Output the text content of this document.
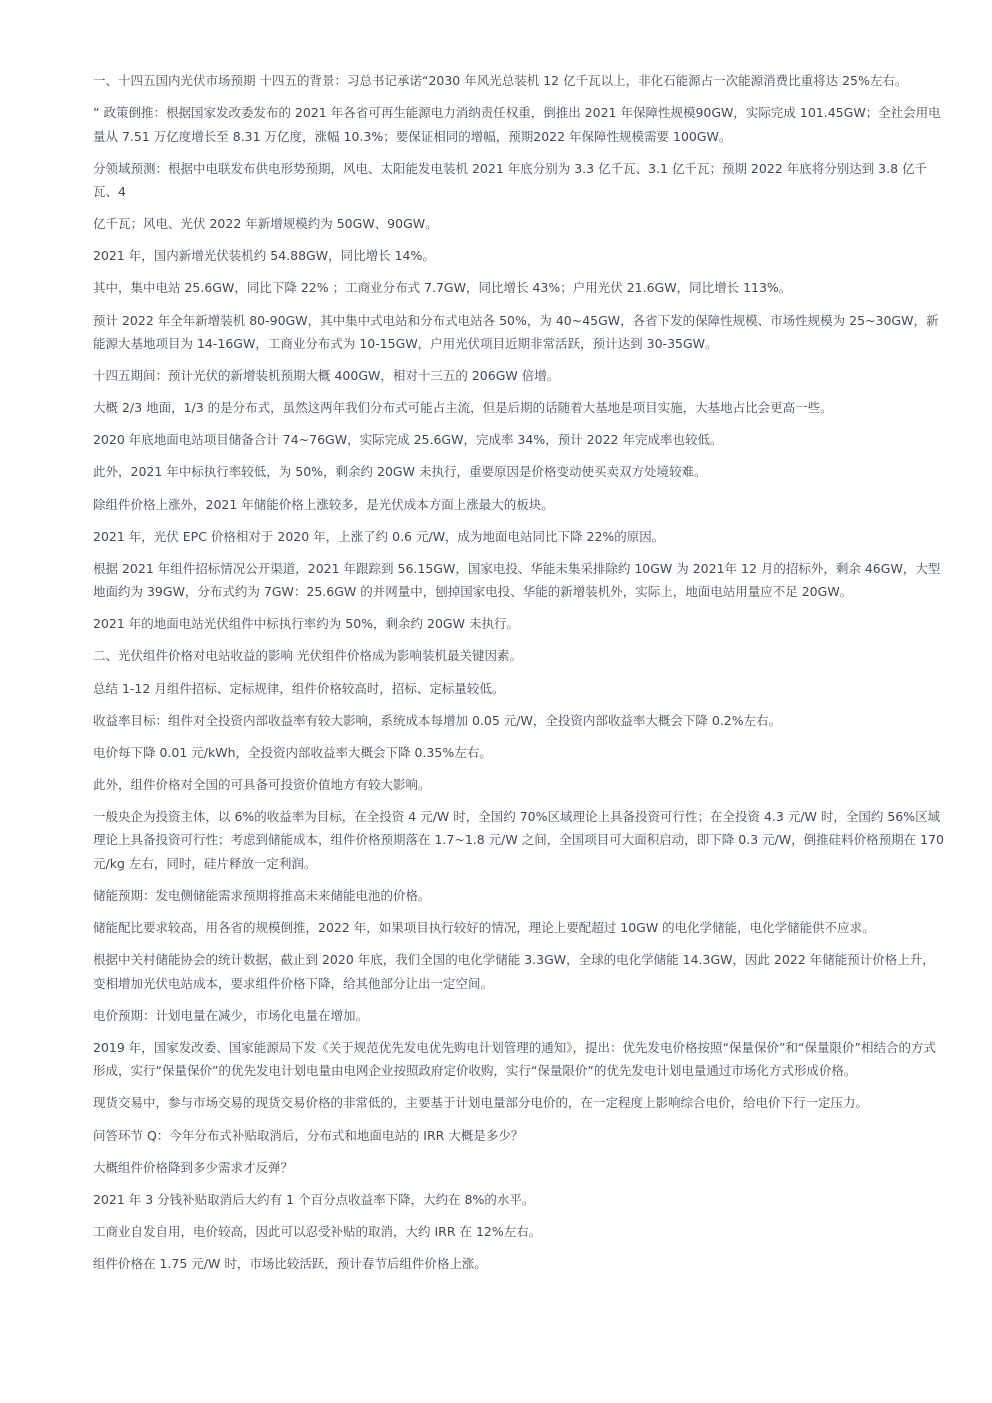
一、十四五国内光伏市场预期 十四五的背景：习总书记承诺“2030 年风光总装机 12 亿千瓦以上，非化石能源占一次能源消费比重将达 25%左右。

” 政策倒推：根据国家发改委发布的 2021 年各省可再生能源电力消纳责任权重，倒推出 2021 年保障性规模90GW，实际完成 101.45GW；全社会用电量从 7.51 万亿度增长至 8.31 万亿度，涨幅 10.3%；要保证相同的增幅，预期2022 年保障性规模需要 100GW。

分领域预测：根据中电联发布供电形势预期，风电、太阳能发电装机 2021 年底分别为 3.3 亿千瓦、3.1 亿千瓦；预期 2022 年底将分别达到 3.8 亿千瓦、4

亿千瓦；风电、光伏 2022 年新增规模约为 50GW、90GW。

2021 年，国内新增光伏装机约 54.88GW，同比增长 14%。

其中，集中电站 25.6GW，同比下降 22% ；工商业分布式 7.7GW，同比增长 43%；户用光伏 21.6GW，同比增长 113%。

预计 2022 年全年新增装机 80-90GW，其中集中式电站和分布式电站各 50%，为 40~45GW，各省下发的保障性规模、市场性规模为 25~30GW，新能源大基地项目为 14-16GW，工商业分布式为 10-15GW，户用光伏项目近期非常活跃，预计达到 30-35GW。

十四五期间：预计光伏的新增装机预期大概 400GW，相对十三五的 206GW 倍增。

大概 2/3 地面，1/3 的是分布式，虽然这两年我们分布式可能占主流，但是后期的话随着大基地是项目实施，大基地占比会更高一些。

2020 年底地面电站项目储备合计 74~76GW，实际完成 25.6GW，完成率 34%，预计 2022 年完成率也较低。

此外，2021 年中标执行率较低，为 50%，剩余约 20GW 未执行，重要原因是价格变动使买卖双方处境较难。

除组件价格上涨外，2021 年储能价格上涨较多，是光伏成本方面上涨最大的板块。

2021 年，光伏 EPC 价格相对于 2020 年，上涨了约 0.6 元/W，成为地面电站同比下降 22%的原因。

根据 2021 年组件招标情况公开渠道，2021 年跟踪到 56.15GW，国家电投、华能未集采排除约 10GW 为 2021年 12 月的招标外，剩余 46GW，大型地面约为 39GW，分布式约为 7GW：25.6GW 的并网量中，刨掉国家电投、华能的新增装机外，实际上，地面电站用量应不足 20GW。

2021 年的地面电站光伏组件中标执行率约为 50%，剩余约 20GW 未执行。

二、光伏组件价格对电站收益的影响 光伏组件价格成为影响装机最关键因素。

总结 1-12 月组件招标、定标规律，组件价格较高时，招标、定标量较低。

收益率目标：组件对全投资内部收益率有较大影响，系统成本每增加 0.05 元/W，全投资内部收益率大概会下降 0.2%左右。

电价每下降 0.01 元/kWh，全投资内部收益率大概会下降 0.35%左右。

此外，组件价格对全国的可具备可投资价值地方有较大影响。

一般央企为投资主体，以 6%的收益率为目标，在全投资 4 元/W 时，全国约 70%区域理论上具备投资可行性；在全投资 4.3 元/W 时，全国约 56%区域理论上具备投资可行性；考虑到储能成本，组件价格预期落在 1.7~1.8 元/W 之间，全国项目可大面积启动，即下降 0.3 元/W，倒推硅料价格预期在 170 元/kg 左右，同时，硅片释放一定利润。

储能预期：发电侧储能需求预期将推高未来储能电池的价格。

储能配比要求较高，用各省的规模倒推，2022 年，如果项目执行较好的情况，理论上要配超过 10GW 的电化学储能，电化学储能供不应求。

根据中关村储能协会的统计数据，截止到 2020 年底，我们全国的电化学储能 3.3GW，全球的电化学储能 14.3GW，因此 2022 年储能预计价格上升，变相增加光伏电站成本，要求组件价格下降，给其他部分让出一定空间。

电价预期：计划电量在减少，市场化电量在增加。

2019 年，国家发改委、国家能源局下发《关于规范优先发电优先购电计划管理的通知》，提出：优先发电价格按照“保量保价”和“保量限价”相结合的方式形成，实行“保量保价”的优先发电计划电量由电网企业按照政府定价收购，实行“保量限价”的优先发电计划电量通过市场化方式形成价格。

现货交易中，参与市场交易的现货交易价格的非常低的，主要基于计划电量部分电价的，在一定程度上影响综合电价，给电价下行一定压力。

问答环节 Q：今年分布式补贴取消后，分布式和地面电站的 IRR 大概是多少？

大概组件价格降到多少需求才反弹？

2021 年 3 分钱补贴取消后大约有 1 个百分点收益率下降，大约在 8%的水平。

工商业自发自用，电价较高，因此可以忍受补贴的取消，大约 IRR 在 12%左右。

组件价格在 1.75 元/W 时，市场比较活跃，预计春节后组件价格上涨。
